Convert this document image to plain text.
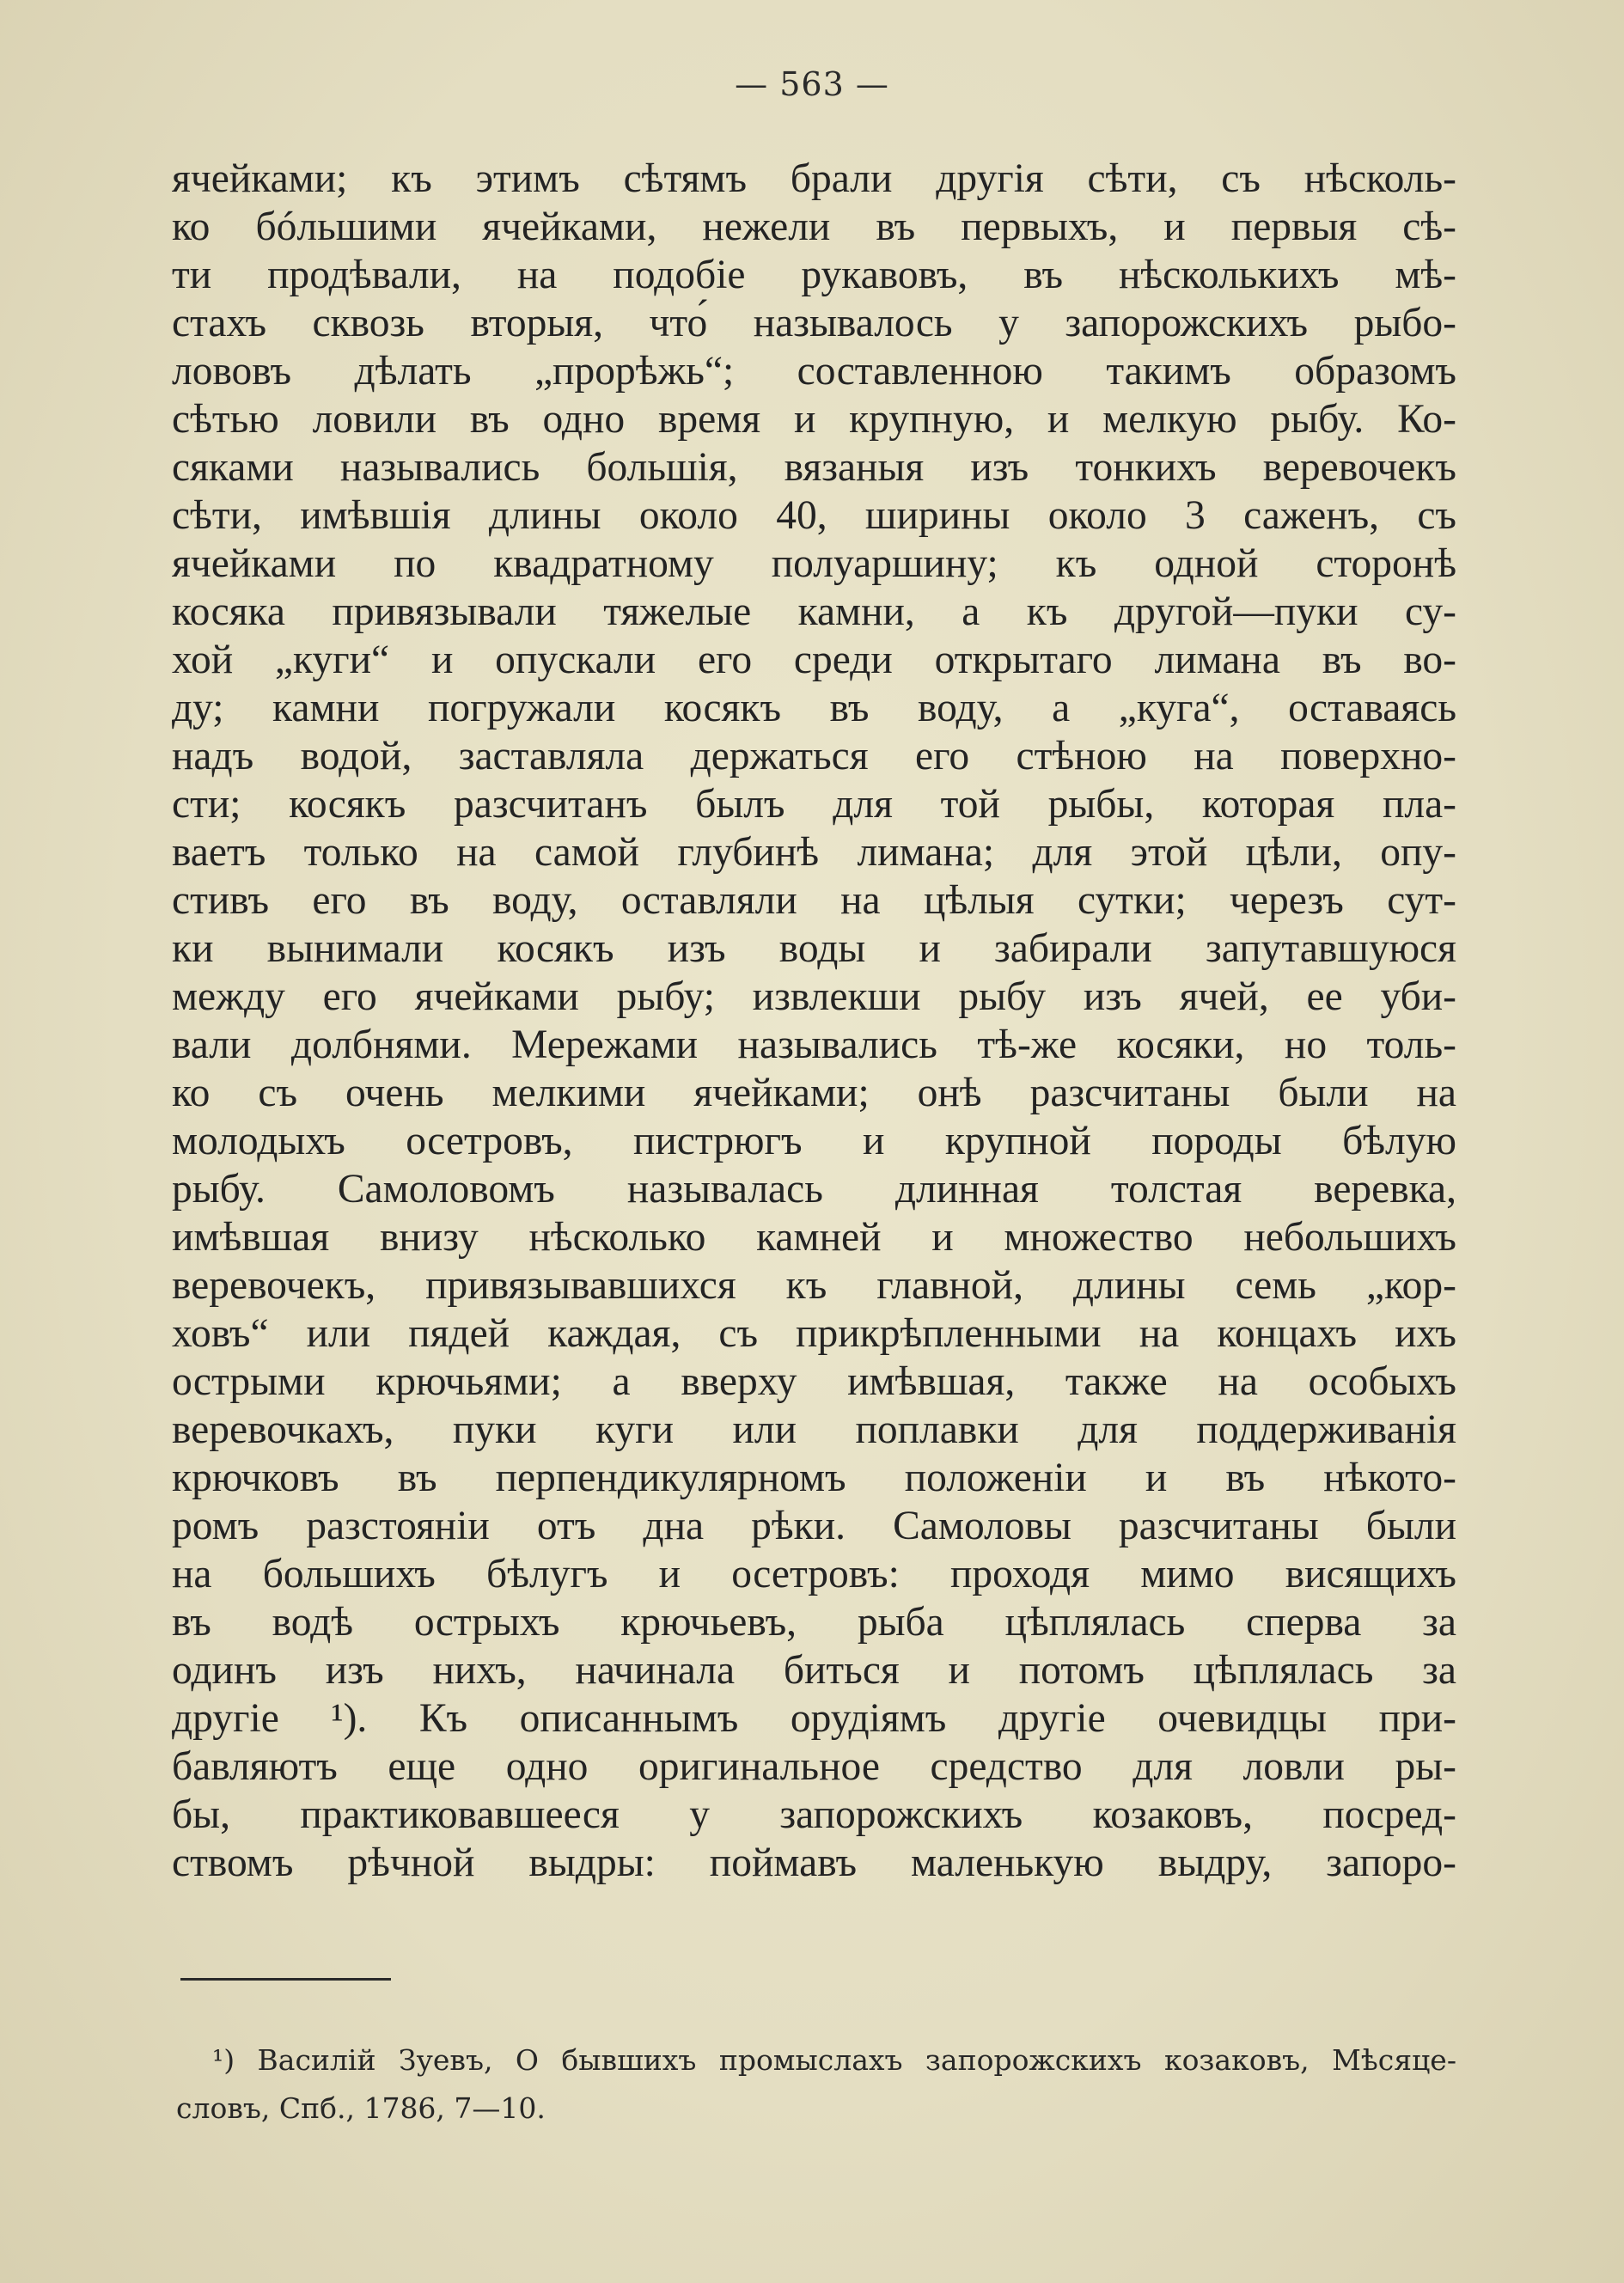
— 563 —
ячейками; къ этимъ сѣтямъ брали другія сѣти, съ нѣсколь-
ко бóльшими ячейками, нежели въ первыхъ, и первыя сѣ-
ти продѣвали, на подобіе рукавовъ, въ нѣсколькихъ мѣ-
стахъ сквозь вторыя, что́ называлось у запорожскихъ рыбо-
лововъ дѣлать „прорѣжь“; составленною такимъ образомъ
сѣтью ловили въ одно время и крупную, и мелкую рыбу. Ко-
сяками назывались большія, вязаныя изъ тонкихъ веревочекъ
сѣти, имѣвшія длины около 40, ширины около 3 саженъ, съ
ячейками по квадратному полуаршину; къ одной сторонѣ
косяка привязывали тяжелые камни, а къ другой—пуки су-
хой „куги“ и опускали его среди открытаго лимана въ во-
ду; камни погружали косякъ въ воду, а „куга“, оставаясь
надъ водой, заставляла держаться его стѣною на поверхно-
сти; косякъ разсчитанъ былъ для той рыбы, которая пла-
ваетъ только на самой глубинѣ лимана; для этой цѣли, опу-
стивъ его въ воду, оставляли на цѣлыя сутки; черезъ сут-
ки вынимали косякъ изъ воды и забирали запутавшуюся
между его ячейками рыбу; извлекши рыбу изъ ячей, ее уби-
вали долбнями. Мережами назывались тѣ-же косяки, но толь-
ко съ очень мелкими ячейками; онѣ разсчитаны были на
молодыхъ осетровъ, пистрюгъ и крупной породы бѣлую
рыбу. Самоловомъ называлась длинная толстая веревка,
имѣвшая внизу нѣсколько камней и множество небольшихъ
веревочекъ, привязывавшихся къ главной, длины семь „кор-
ховъ“ или пядей каждая, съ прикрѣпленными на концахъ ихъ
острыми крючьями; а вверху имѣвшая, также на особыхъ
веревочкахъ, пуки куги или поплавки для поддерживанія
крючковъ въ перпендикулярномъ положеніи и въ нѣкото-
ромъ разстояніи отъ дна рѣки. Самоловы разсчитаны были
на большихъ бѣлугъ и осетровъ: проходя мимо висящихъ
въ водѣ острыхъ крючьевъ, рыба цѣплялась сперва за
одинъ изъ нихъ, начинала биться и потомъ цѣплялась за
другіе ¹). Къ описаннымъ орудіямъ другіе очевидцы при-
бавляютъ еще одно оригинальное средство для ловли ры-
бы, практиковавшееся у запорожскихъ козаковъ, посред-
ствомъ рѣчной выдры: поймавъ маленькую выдру, запоро-
¹) Василій Зуевъ, О бывшихъ промыслахъ запорожскихъ козаковъ, Мѣсяце-
словъ, Спб., 1786, 7—10.
